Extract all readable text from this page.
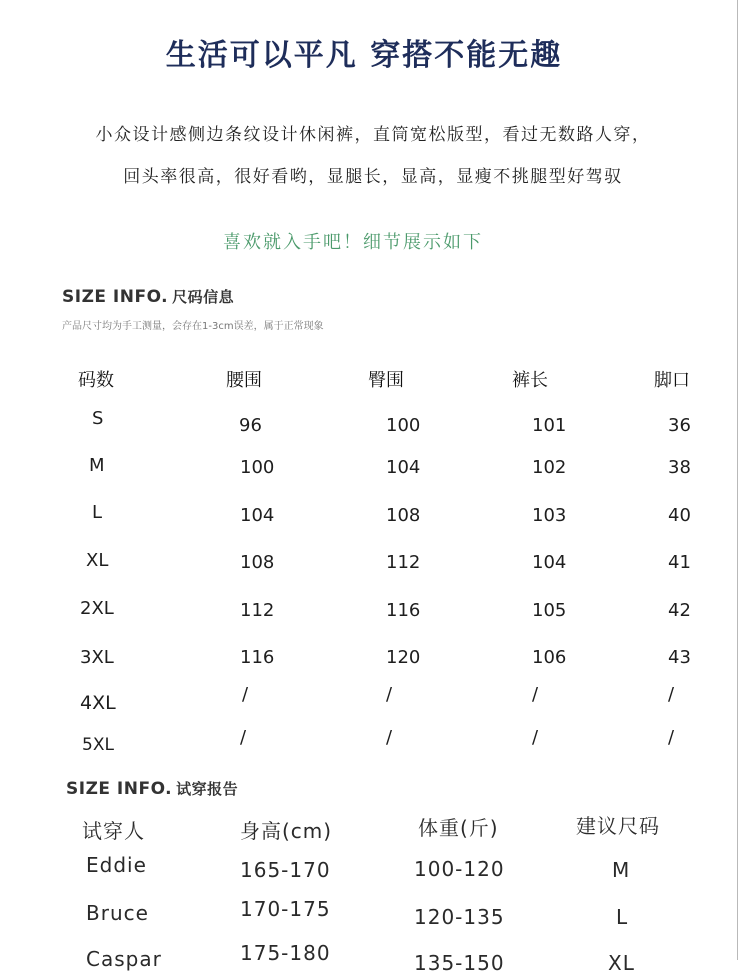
生活可以平凡 穿搭不能无趣
小众设计感侧边条纹设计休闲裤，直筒宽松版型，看过无数路人穿，
回头率很高，很好看哟，显腿长，显高，显瘦不挑腿型好驾驭
喜欢就入手吧！细节展示如下
SIZE INFO. 尺码信息
产品尺寸均为手工测量，会存在1-3cm误差，属于正常现象
码数	腰围	臀围	裤长	脚口
S	96	100	101	36
M	100	104	102	38
L	104	108	103	40
XL	108	112	104	41
2XL	112	116	105	42
3XL	116	120	106	43
4XL	/	/	/	/
5XL	/	/	/	/
SIZE INFO. 试穿报告
试穿人	身高(cm)	体重(斤)	建议尺码
Eddie	165-170	100-120	M
Bruce	170-175	120-135	L
Caspar	175-180	135-150	XL
